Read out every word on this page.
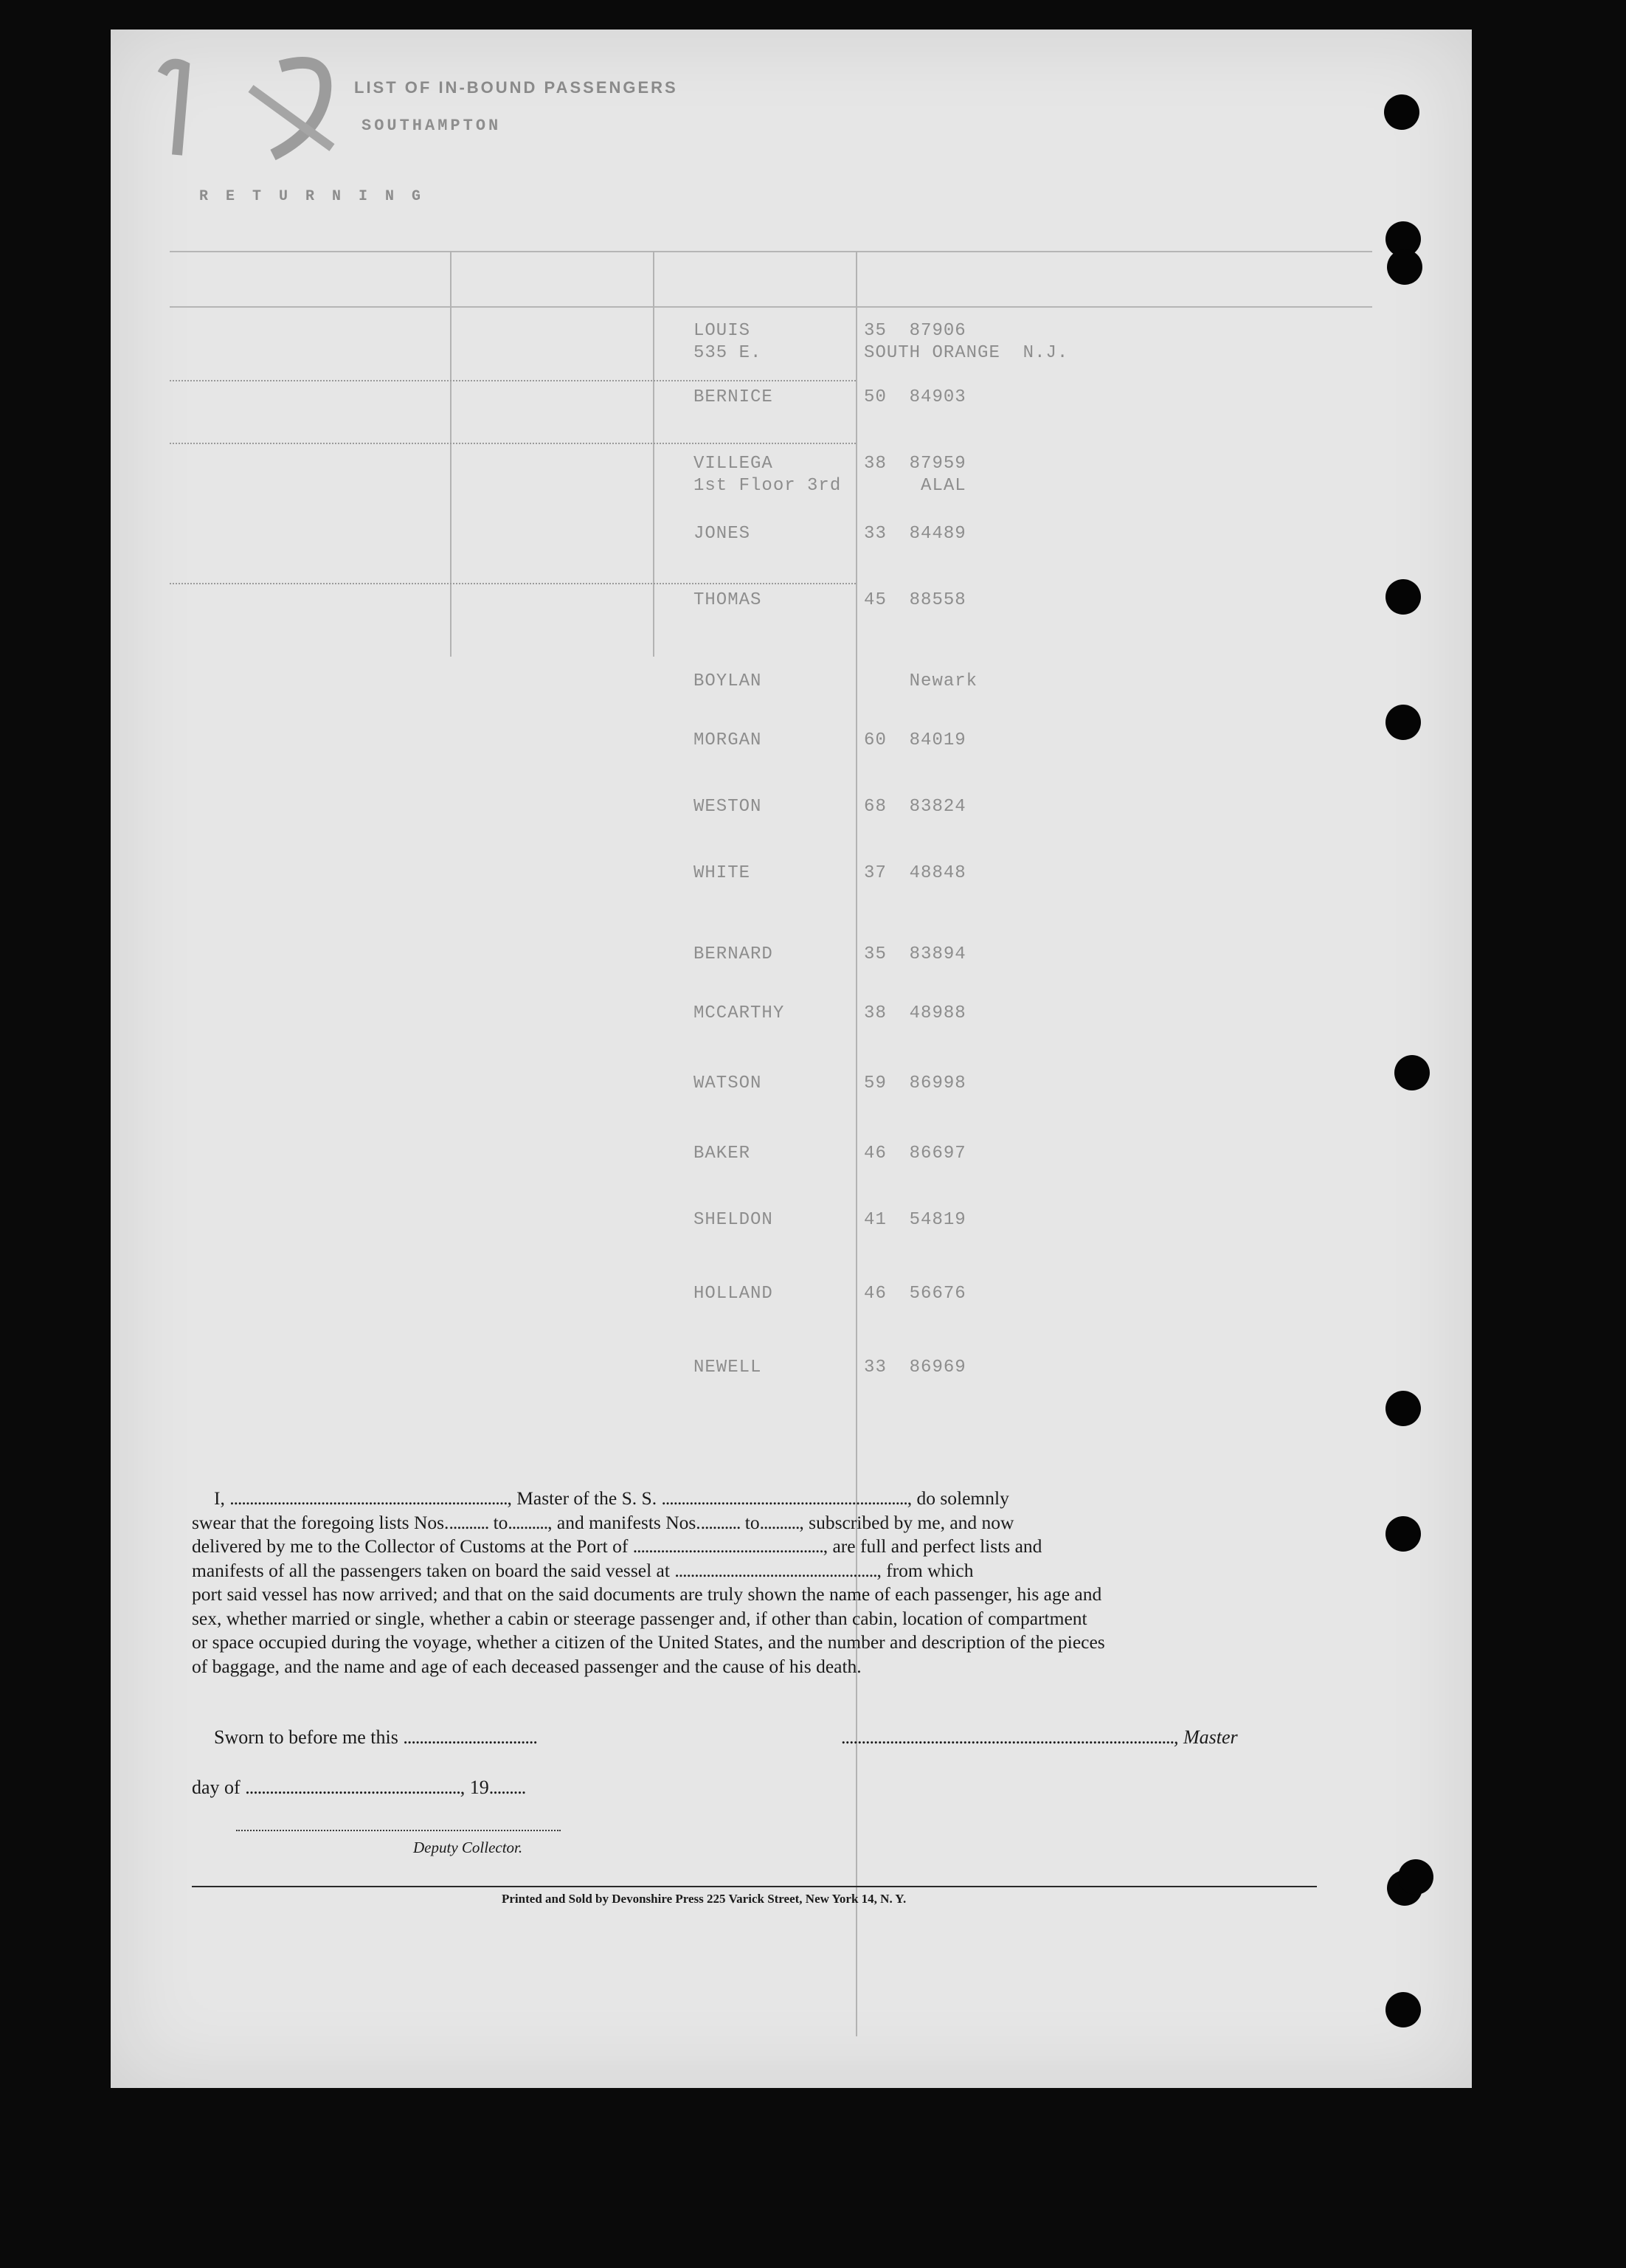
LIST OF IN-BOUND PASSENGERS
SOUTHAMPTON
R E T U R N I N G
LOUIS          35  87906
535 E.         SOUTH ORANGE  N.J.
BERNICE        50  84903
VILLEGA        38  87959
1st Floor 3rd       ALAL
JONES          33  84489
THOMAS         45  88558
BOYLAN             Newark
MORGAN         60  84019
WESTON         68  83824
WHITE          37  48848
BERNARD        35  83894
MCCARTHY       38  48988
WATSON         59  86998
BAKER          46  86697
SHELDON        41  54819
HOLLAND        46  56676
NEWELL         33  86969
I, ......................................................................, Master of the S. S. .............................................................., do solemnly
swear that the foregoing lists Nos........... to.........., and manifests Nos........... to.........., subscribed by me, and now
delivered by me to the Collector of Customs at the Port of ................................................, are full and perfect lists and
manifests of all the passengers taken on board the said vessel at ..................................................., from which
port said vessel has now arrived; and that on the said documents are truly shown the name of each passenger, his age and
sex, whether married or single, whether a cabin or steerage passenger and, if other than cabin, location of compartment
or space occupied during the voyage, whether a citizen of the United States, and the number and description of the pieces
of baggage, and the name and age of each deceased passenger and the cause of his death.
Sworn to before me this .................................	.................................................................................., Master
day of ....................................................., 19.........
Deputy Collector.
Printed and Sold by Devonshire Press 225 Varick Street, New York 14, N. Y.
